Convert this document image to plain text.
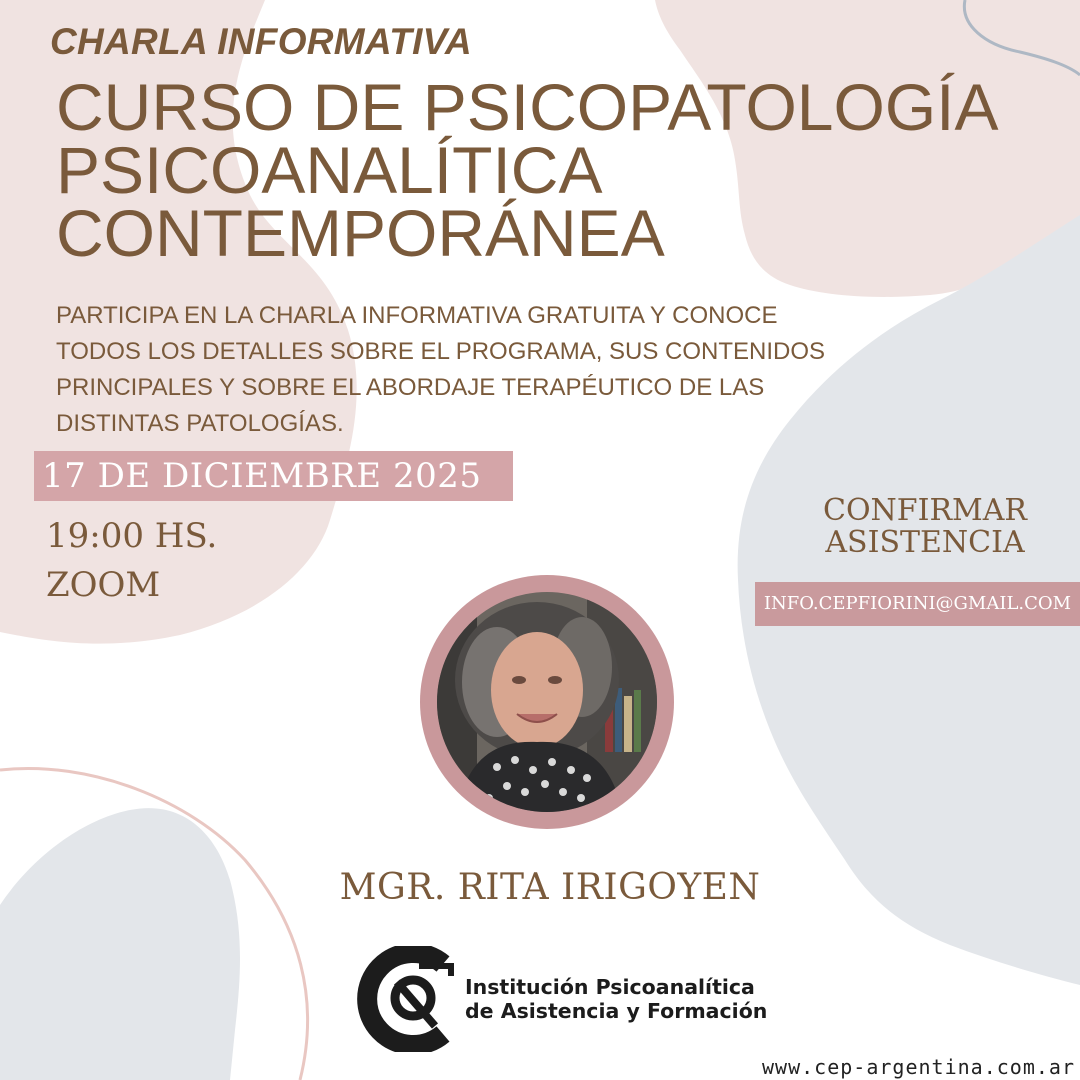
CHARLA INFORMATIVA
CURSO DE PSICOPATOLOGÍA
PSICOANALÍTICA
CONTEMPORÁNEA

PARTICIPA EN LA CHARLA INFORMATIVA GRATUITA Y CONOCE
TODOS LOS DETALLES SOBRE EL PROGRAMA, SUS CONTENIDOS
PRINCIPALES Y SOBRE EL ABORDAJE TERAPÉUTICO DE LAS
DISTINTAS PATOLOGÍAS.

17 DE DICIEMBRE 2025
19:00 HS.
ZOOM

CONFIRMAR
ASISTENCIA

INFO.CEPFIORINI@GMAIL.COM
MGR. RITA IRIGOYEN

Institución Psicoanalítica
de Asistencia y Formación

www.cep-argentina.com.ar
